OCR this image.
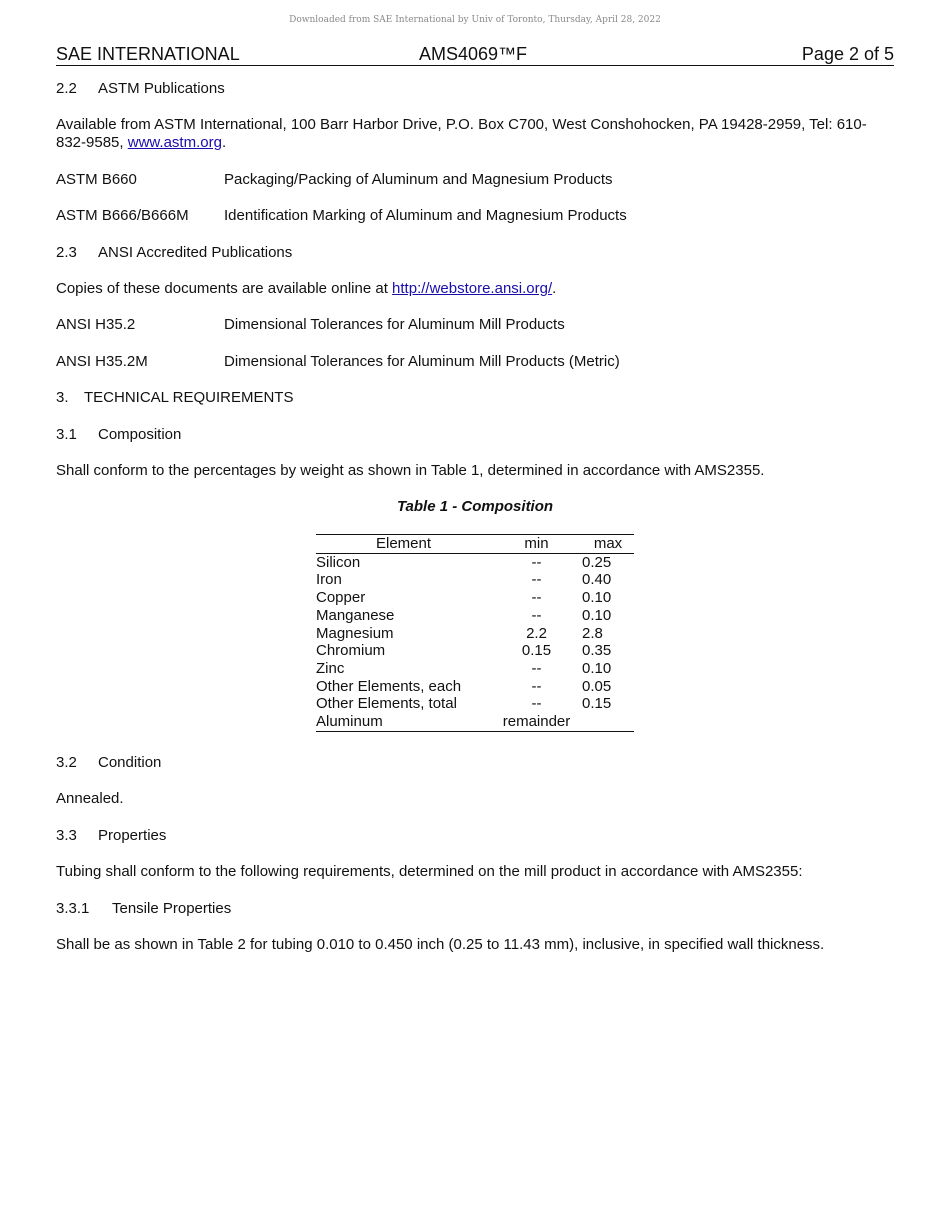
Downloaded from SAE International by Univ of Toronto, Thursday, April 28, 2022
SAE INTERNATIONAL	AMS4069™F	Page 2 of 5
2.2 ASTM Publications
Available from ASTM International, 100 Barr Harbor Drive, P.O. Box C700, West Conshohocken, PA 19428-2959, Tel: 610-832-9585, www.astm.org.
ASTM B660	Packaging/Packing of Aluminum and Magnesium Products
ASTM B666/B666M Identification Marking of Aluminum and Magnesium Products
2.3 ANSI Accredited Publications
Copies of these documents are available online at http://webstore.ansi.org/.
ANSI H35.2	Dimensional Tolerances for Aluminum Mill Products
ANSI H35.2M	Dimensional Tolerances for Aluminum Mill Products (Metric)
3. TECHNICAL REQUIREMENTS
3.1 Composition
Shall conform to the percentages by weight as shown in Table 1, determined in accordance with AMS2355.
Table 1 - Composition
Element	min	max
Silicon	--	0.25
Iron	--	0.40
Copper	--	0.10
Manganese	--	0.10
Magnesium	2.2	2.8
Chromium	0.15	0.35
Zinc	--	0.10
Other Elements, each	--	0.05
Other Elements, total	--	0.15
Aluminum	remainder	
3.2 Condition
Annealed.
3.3 Properties
Tubing shall conform to the following requirements, determined on the mill product in accordance with AMS2355:
3.3.1 Tensile Properties
Shall be as shown in Table 2 for tubing 0.010 to 0.450 inch (0.25 to 11.43 mm), inclusive, in specified wall thickness.
